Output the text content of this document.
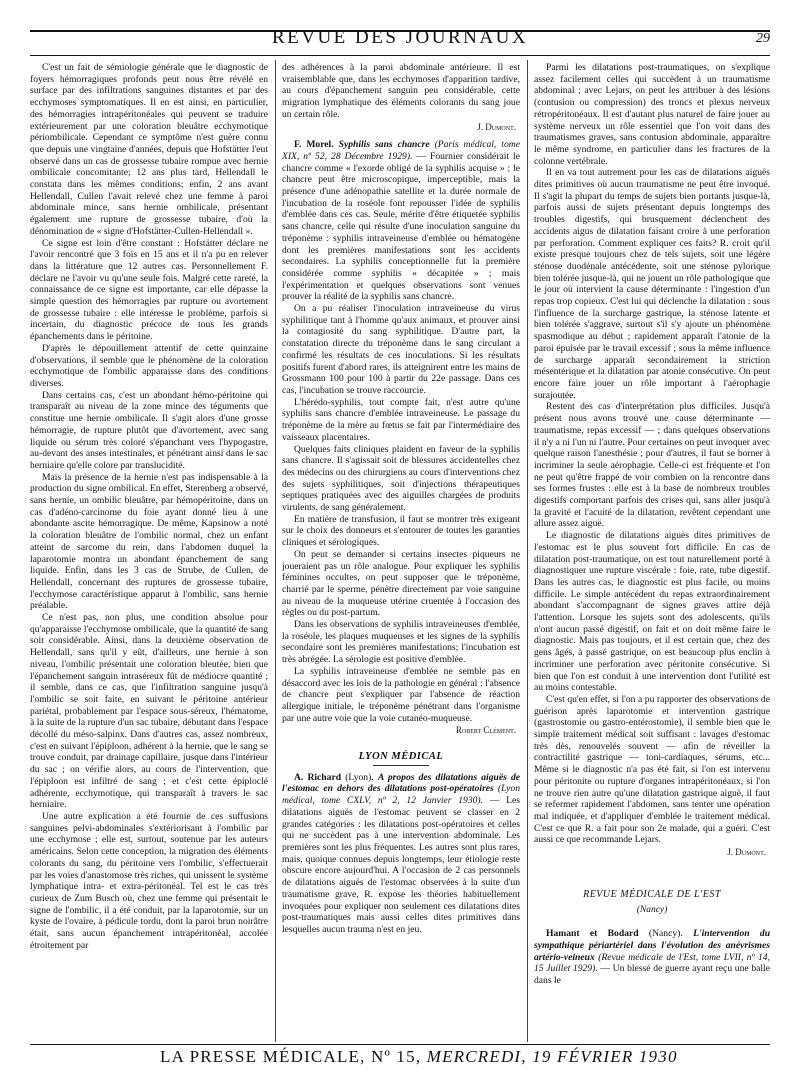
REVUE DES JOURNAUX	29

C'est un fait de sémiologie générale que le diagnostic de foyers hémorragiques profonds peut nous être révélé en surface par des infiltrations sanguines distantes et par des ecchymoses symptomatiques. Il en est ainsi, en particulier, des hémorragies intrapéritonéales qui peuvent se traduire extérieurement par une coloration bleuâtre ecchymotique périombilicale. Cependant ce symptôme n'est guère connu que depuis une vingtaine d'années, depuis que Hofstätter l'eut observé dans un cas de grossesse tubaire rompue avec hernie ombilicale concomitante; 12 ans plus tard, Hellendall le constata dans les mêmes conditions; enfin, 2 ans avant Hellendall, Cullen l'avait relevé chez une femme à paroi abdominale mince, sans hernie ombilicale, présentant également une rupture de grossesse tubaire, d'où la dénomination de « signe d'Hofstätter-Cullen-Hellendall ».

Ce signe est loin d'être constant : Hofstätter déclare ne l'avoir rencontré que 3 fois en 15 ans et il n'a pu en relever dans la littérature que 12 autres cas. Personnellement F. déclare ne l'avoir vu qu'une seule fois. Malgré cette rareté, la connaissance de ce signe est importante, car elle dépasse la simple question des hémorragies par rupture ou avortement de grossesse tubaire : elle intéresse le problème, parfois si incertain, du diagnostic précoce de tous les grands épanchements dans le péritoine.

D'après le dépouillement attentif de cette quinzaine d'observations, il semble que le phénomène de la coloration ecchymotique de l'ombilic apparaisse dans des conditions diverses.

Dans certains cas, c'est un abondant hémo-péritoine qui transparaît au niveau de la zone mince des téguments que constitue une hernie ombilicale. Il s'agit alors d'une grosse hémorragie, de rupture plutôt que d'avortement, avec sang liquide ou sérum très coloré s'épanchant vers l'hypogastre, au-devant des anses intestinales, et pénétrant ainsi dans le sac herniaire qu'elle colore par translucidité.

Mais la présence de la hernie n'est pas indispensable à la production du signe ombilical. En effet, Sterenberg a observé, sans hernie, un ombilic bleuâtre, par hémopéritoine, dans un cas d'adéno-carcinome du foie ayant donné lieu à une abondante ascite hémorragique. De même, Kapsinow a noté la coloration bleuâtre de l'ombilic normal, chez un enfant atteint de sarcome du rein, dans l'abdomen duquel la laparotomie montra un abondant épanchement de sang liquide. Enfin, dans les 3 cas de Strube, de Cullen, de Hellendall, concernant des ruptures de grossesse tubaire, l'ecchymose caractéristique apparut à l'ombilic, sans hernie préalable.

Ce n'est pas, non plus, une condition absolue pour qu'apparaisse l'ecchymose ombilicale, que la quantité de sang soit considérable. Ainsi, dans la deuxième observation de Hellendall, sans qu'il y eût, d'ailleurs, une hernie à son niveau, l'ombilic présentait une coloration bleutée, bien que l'épanchement sanguin intraséreux fût de médiocre quantité ; il semble, dans ce cas, que l'infiltration sanguine jusqu'à l'ombilic se soit faite, en suivant le péritoine antérieur pariétal, probablement par l'espace sous-séreux, l'hématome, à la suite de la rupture d'un sac tubaire, débutant dans l'espace décollé du méso-salpinx. Dans d'autres cas, assez nombreux, c'est en suivant l'épiploon, adhérent à la hernie, que le sang se trouve conduit, par drainage capillaire, jusque dans l'intérieur du sac ; on vérifie alors, au cours de l'intervention, que l'épiploon est infiltré de sang ; et c'est cette épiploclé adhérente, ecchymotique, qui transparaît à travers le sac herniaire.

Une autre explication a été fournie de ces suffusions sanguines pelvi-abdominales s'extériorisant à l'ombilic par une ecchymose ; elle est, surtout, soutenue par les auteurs américains. Selon cette conception, la migration des éléments colorants du sang, du péritoine vers l'ombilic, s'effectuerait par les voies d'anastomose très riches, qui unissent le système lymphatique intra- et extra-péritonéal. Tel est le cas très curieux de Zum Busch où, chez une femme qui présentait le signe de l'ombilic, il a été conduit, par la laparotomie, sur un kyste de l'ovaire, à pédicule tordu, dont la paroi brun noirâtre était, sans aucun épanchement intrapéritonéal, accolée étroitement par

des adhérences à la paroi abdominale antérieure. Il est vraisemblable que, dans les ecchymoses d'apparition tardive, au cours d'épanchement sanguin peu considérable, cette migration lymphatique des éléments colorants du sang joue un certain rôle.

J. Dumont.

F. Morel. Syphilis sans chancre (Paris médical, tome XIX, nº 52, 28 Décembre 1929). — Fournier considérait le chancre comme « l'exorde obligé de la syphilis acquise » ; le chancre peut être microscopique, imperceptible, mais la présence d'une adénopathie satellite et la durée normale de l'incubation de la roséole font repousser l'idée de syphilis d'emblée dans ces cas. Seule, mérite d'être étiquetée syphilis sans chancre, celle qui résulte d'une inoculation sanguine du tréponème : syphilis intraveineuse d'emblée ou hématogène dont les premières manifestations sont les accidents secondaires. La syphilis conceptionnelle fut la première considérée comme syphilis « décapitée » ; mais l'expérimentation et quelques observations sont venues prouver la réalité de la syphilis sans chancre.

On a pu réaliser l'inoculation intraveineuse du virus syphilitique tant à l'homme qu'aux animaux, et prouver ainsi la contagiosité du sang syphilitique. D'autre part, la constatation directe du tréponème dans le sang circulant a confirmé les résultats de ces inoculations. Si les résultats positifs furent d'abord rares, ils atteignirent entre les mains de Grossmann 100 pour 100 à partir du 22e passage. Dans ces cas, l'incubation se trouve raccourcie.

L'hérédo-syphilis, tout compte fait, n'est autre qu'une syphilis sans chancre d'emblée intraveineuse. Le passage du tréponème de la mère au fœtus se fait par l'intermédiaire des vaisseaux placentaires.

Quelques faits cliniques plaident en faveur de la syphilis sans chancre. Il s'agissait soit de blessures accidentelles chez des médecins ou des chirurgiens au cours d'interventions chez des sujets syphilitiques, soit d'injections thérapeutiques septiques pratiquées avec des aiguilles chargées de produits virulents, de sang généralement.

En matière de transfusion, il faut se montrer très exigeant sur le choix des donneurs et s'entourer de toutes les garanties cliniques et sérologiques.

On peut se demander si certains insectes piqueurs ne joueraient pas un rôle analogue. Pour expliquer les syphilis féminines occultes, on peut supposer que le tréponème, charrié par le sperme, pénètre directement par voie sanguine au niveau de la muqueuse utérine cruentée à l'occasion des règles ou du post-partum.

Dans les observations de syphilis intraveineuses d'emblée, la roséole, les plaques muqueuses et les signes de la syphilis secondaire sont les premières manifestations; l'incubation est très abrégée. La sérologie est positive d'emblée.

La syphilis intraveineuse d'emblée ne semble pas en désaccord avec les lois de la pathologie en général : l'absence de chancre peut s'expliquer par l'absence de réaction allergique initiale, le tréponème pénétrant dans l'organisme par une autre voie que la voie cutanéo-muqueuse.

Robert Clément.

LYON MÉDICAL

A. Richard (Lyon). A propos des dilatations aiguës de l'estomac en dehors des dilatations post-opératoires (Lyon médical, tome CXLV, nº 2, 12 Janvier 1930). — Les dilatations aiguës de l'estomac peuvent se classer en 2 grandes catégories : les dilatations post-opératoires et celles qui ne succèdent pas à une intervention abdominale. Les premières sont les plus fréquentes. Les autres sont plus rares, mais, quoique connues depuis longtemps, leur étiologie reste obscure encore aujourd'hui. A l'occasion de 2 cas personnels de dilatations aiguës de l'estomac observées à la suite d'un traumatisme grave, R. expose les théories habituellement invoquées pour expliquer non seulement ces dilatations dites post-traumatiques mais aussi celles dites primitives dans lesquelles aucun trauma n'est en jeu.

Parmi les dilatations post-traumatiques, on s'explique assez facilement celles qui succèdent à un traumatisme abdominal ; avec Lejars, on peut les attribuer à des lésions (contusion ou compression) des troncs et plexus nerveux rétropéritonéaux. Il est d'autant plus naturel de faire jouer au système nerveux un rôle essentiel que l'on voit dans des traumatismes graves, sans contusion abdominale, apparaître le même syndrome, en particulier dans les fractures de la colonne vertébrale.

Il en va tout autrement pour les cas de dilatations aiguës dites primitives où aucun traumatisme ne peut être invoqué. Il s'agit la plupart du temps de sujets bien portants jusque-là, parfois aussi de sujets présentant depuis longtemps des troubles digestifs, qui brusquement déclenchent des accidents aigus de dilatation faisant croire à une perforation par perforation. Comment expliquer ces faits? R. croit qu'il existe presque toujours chez de tels sujets, soit une légère sténose duodénale antécédente, soit une sténose pylorique bien tolérée jusque-là, qui ne jouent un rôle pathologique que le jour où intervient la cause déterminante : l'ingestion d'un repas trop copieux. C'est lui qui déclenche la dilatation : sous l'influence de la surcharge gastrique, la sténose latente et bien tolérée s'aggrave, surtout s'il s'y ajoute un phénomène spasmodique au début ; rapidement apparaît l'atonie de la paroi épuisée par le travail excessif ; sous la même influence de surcharge apparaît secondairement la striction mésentérique et la dilatation par atonie consécutive. On peut encore faire jouer un rôle important à l'aérophagie surajoutée.

Restent des cas d'interprétation plus difficiles. Jusqu'à présent nous avons trouvé une cause déterminante — traumatisme, repas excessif — ; dans quelques observations il n'y a ni l'un ni l'autre. Pour certaines on peut invoquer avec quelque raison l'anesthésie ; pour d'autres, il faut se borner à incriminer la seule aérophagie. Celle-ci est fréquente et l'on ne peut qu'être frappé de voir combien on la rencontre dans ses formes frustes : elle est à la base de nombreux troubles digestifs comportant parfois des crises qui, sans aller jusqu'à la gravité et l'acuité de la dilatation, revêtent cependant une allure assez aiguë.

Le diagnostic de dilatations aiguës dites primitives de l'estomac est le plus souvent fort difficile. En cas de dilatation post-traumatique, on est tout naturellement porté à diagnostiquer une rupture viscérale : foie, rate, tube digestif. Dans les autres cas, le diagnostic est plus facile, ou moins difficile. Le simple antécédent du repas extraordinairement abondant s'accompagnant de signes graves attire déjà l'attention. Lorsque les sujets sont des adolescents, qu'ils n'ont aucun passé digestif, on fait et on doit même faire le diagnostic. Mais pas toujours, et il est certain que, chez des gens âgés, à passé gastrique, on est beaucoup plus enclin à incriminer une perforation avec péritonite consécutive. Si bien que l'on est conduit à une intervention dont l'utilité est au moins contestable.

C'est qu'en effet, si l'on a pu rapporter des observations de guérison après laparotomie et intervention gastrique (gastrostomie ou gastro-entérostomie), il semble bien que le simple traitement médical soit suffisant : lavages d'estomac très dès, renouvelés souvent — afin de réveiller la contractilité gastrique — toni-cardiaques, sérums, etc... Même si le diagnostic n'a pas été fait, si l'on est intervenu pour péritonite ou rupture d'organes intrapéritonéaux, si l'on ne trouve rien autre qu'une dilatation gastrique aiguë, il faut se refermer rapidement l'abdomen, sans tenter une opération mal indiquée, et d'appliquer d'emblée le traitement médical. C'est ce que R. a fait pour son 2e malade, qui a guéri. C'est aussi ce que recommande Lejars.

J. Dumont.

REVUE MÉDICALE DE L'EST
(Nancy)

Hamant et Bodard (Nancy). L'intervention du sympathique périartériel dans l'évolution des anévrismes artério-veineux (Revue médicale de l'Est, tome LVII, nº 14, 15 Juillet 1929). — Un blessé de guerre ayant reçu une balle dans le

LA PRESSE MÉDICALE, Nº 15, MERCREDI, 19 FÉVRIER 1930
